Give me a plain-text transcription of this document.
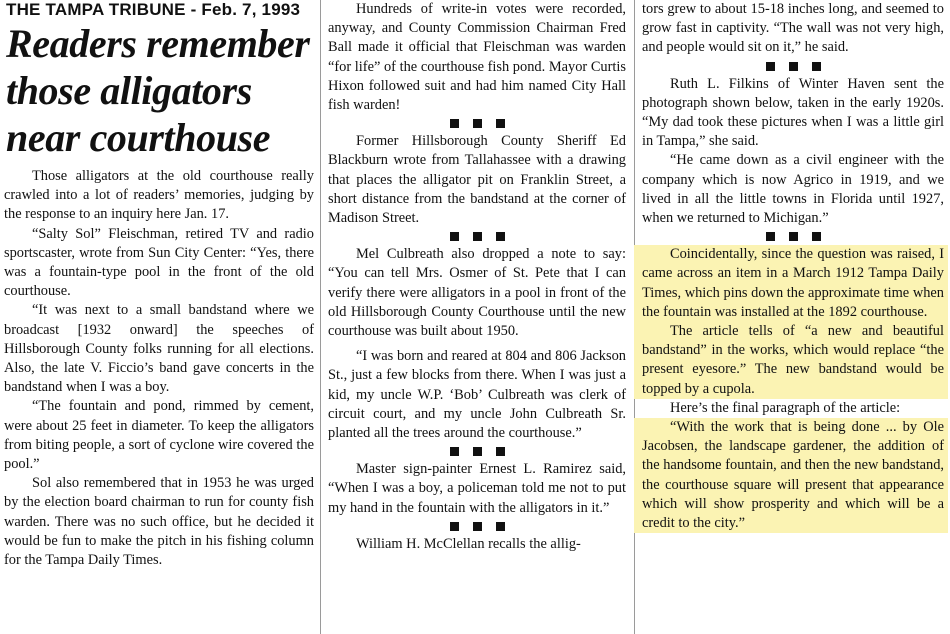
THE TAMPA TRIBUNE - Feb. 7, 1993
Readers remember
those alligators
near courthouse

Those alligators at the old courthouse really crawled into a lot of readers’ memories, judging by the response to an inquiry here Jan. 17.

“Salty Sol” Fleischman, retired TV and radio sportscaster, wrote from Sun City Center: “Yes, there was a fountain-type pool in the front of the old courthouse.

“It was next to a small bandstand where we broadcast [1932 onward] the speeches of Hillsborough County folks running for all elections. Also, the late V. Ficcio’s band gave concerts in the bandstand when I was a boy.

“The fountain and pond, rimmed by cement, were about 25 feet in diameter. To keep the alligators from biting people, a sort of cyclone wire covered the pool.”

Sol also remembered that in 1953 he was urged by the election board chairman to run for county fish warden. There was no such office, but he decided it would be fun to make the pitch in his fishing column for the Tampa Daily Times.

Hundreds of write-in votes were recorded, anyway, and County Commission Chairman Fred Ball made it official that Fleischman was warden “for life” of the courthouse fish pond. Mayor Curtis Hixon followed suit and had him named City Hall fish warden!

Former Hillsborough County Sheriff Ed Blackburn wrote from Tallahassee with a drawing that places the alligator pit on Franklin Street, a short distance from the bandstand at the corner of Madison Street.

Mel Culbreath also dropped a note to say: “You can tell Mrs. Osmer of St. Pete that I can verify there were alligators in a pool in front of the old Hillsborough County Courthouse until the new courthouse was built about 1950.

“I was born and reared at 804 and 806 Jackson St., just a few blocks from there. When I was just a kid, my uncle W.P. ‘Bob’ Culbreath was clerk of circuit court, and my uncle John Culbreath Sr. planted all the trees around the courthouse.”

Master sign-painter Ernest L. Ramirez said, “When I was a boy, a policeman told me not to put my hand in the fountain with the alligators in it.”

William H. McClellan recalls the allig-

tors grew to about 15-18 inches long, and seemed to grow fast in captivity. “The wall was not very high, and people would sit on it,” he said.

Ruth L. Filkins of Winter Haven sent the photograph shown below, taken in the early 1920s. “My dad took these pictures when I was a little girl in Tampa,” she said.

“He came down as a civil engineer with the company which is now Agrico in 1919, and we lived in all the little towns in Florida until 1927, when we returned to Michigan.”

Coincidentally, since the question was raised, I came across an item in a March 1912 Tampa Daily Times, which pins down the approximate time when the fountain was installed at the 1892 courthouse.

The article tells of “a new and beautiful bandstand” in the works, which would replace “the present eyesore.” The new bandstand would be topped by a cupola.

Here’s the final paragraph of the article:

“With the work that is being done ... by Ole Jacobsen, the landscape gardener, the addition of the handsome fountain, and then the new bandstand, the courthouse square will present that appearance which will show prosperity and which will be a credit to the city.”
